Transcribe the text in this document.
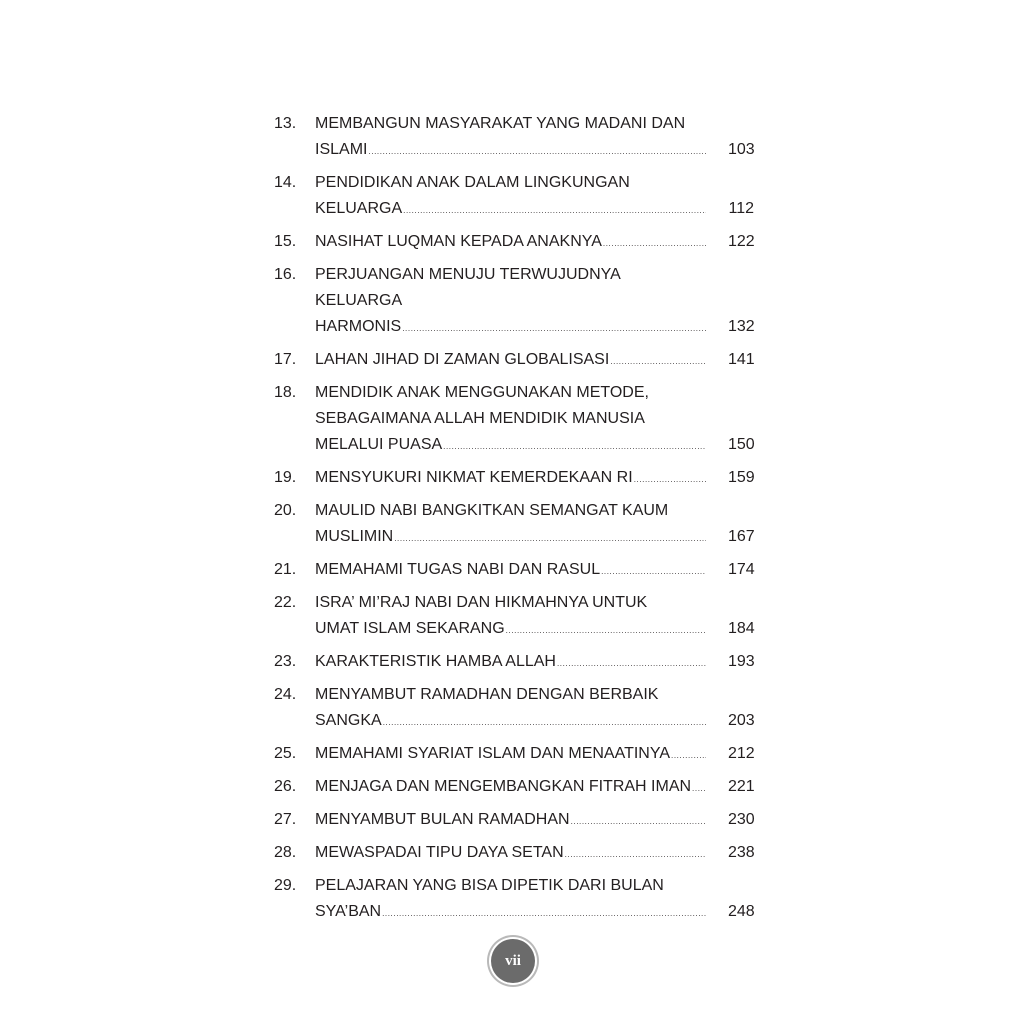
13.	MEMBANGUN MASYARAKAT YANG MADANI DAN
ISLAMI .....	103
14.	PENDIDIKAN ANAK DALAM LINGKUNGAN
KELUARGA .....	112
15.	NASIHAT LUQMAN KEPADA ANAKNYA .....	122
16.	PERJUANGAN MENUJU TERWUJUDNYA KELUARGA
HARMONIS .....	132
17.	LAHAN JIHAD DI ZAMAN GLOBALISASI .....	141
18.	MENDIDIK ANAK MENGGUNAKAN METODE,
SEBAGAIMANA ALLAH MENDIDIK MANUSIA
MELALUI PUASA .....	150
19.	MENSYUKURI NIKMAT KEMERDEKAAN RI .....	159
20.	MAULID NABI BANGKITKAN SEMANGAT KAUM
MUSLIMIN .....	167
21.	MEMAHAMI TUGAS NABI DAN RASUL .....	174
22.	ISRA’ MI’RAJ NABI DAN HIKMAHNYA UNTUK
UMAT ISLAM SEKARANG .....	184
23.	KARAKTERISTIK HAMBA ALLAH .....	193
24.	MENYAMBUT RAMADHAN DENGAN BERBAIK
SANGKA .....	203
25.	MEMAHAMI SYARIAT ISLAM DAN MENAATINYA .....	212
26.	MENJAGA DAN MENGEMBANGKAN FITRAH IMAN ..... 221
27.	MENYAMBUT BULAN RAMADHAN .....	230
28.	MEWASPADAI TIPU DAYA SETAN .....	238
29.	PELAJARAN YANG BISA DIPETIK DARI BULAN
SYA’BAN .....	248
vii
